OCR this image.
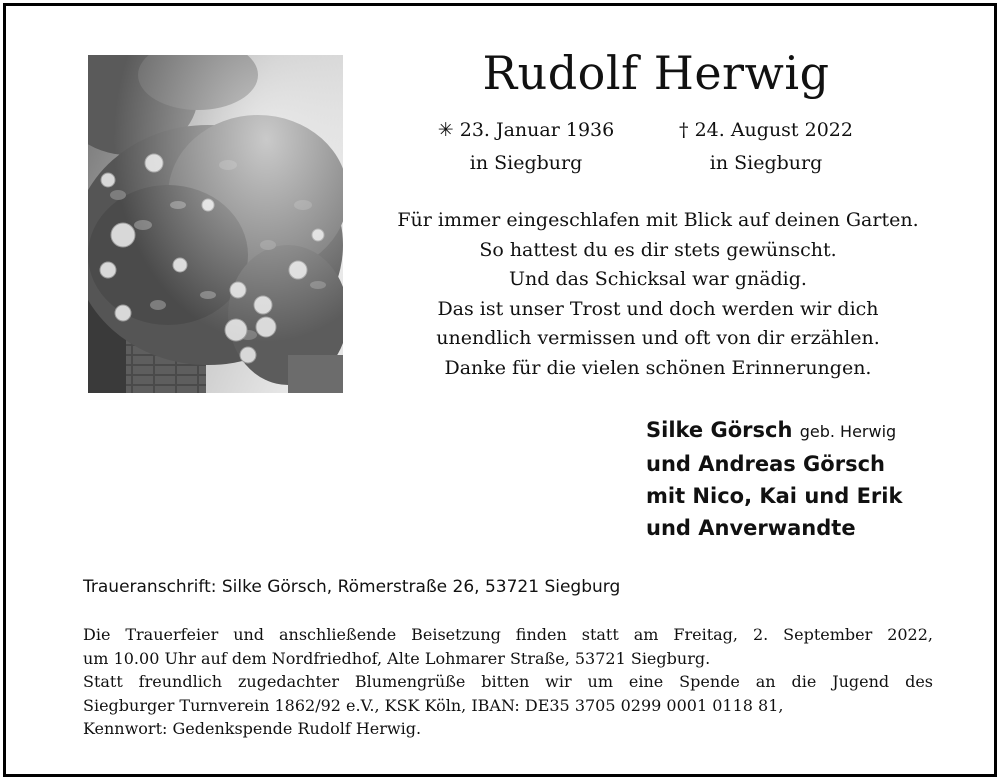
Rudolf Herwig
✳ 23. Januar 1936
in Siegburg
† 24. August 2022
in Siegburg
Für immer eingeschlafen mit Blick auf deinen Garten.
So hattest du es dir stets gewünscht.
Und das Schicksal war gnädig.
Das ist unser Trost und doch werden wir dich
unendlich vermissen und oft von dir erzählen.
Danke für die vielen schönen Erinnerungen.
Silke Görsch geb. Herwig
und Andreas Görsch
mit Nico, Kai und Erik
und Anverwandte
Traueranschrift: Silke Görsch, Römerstraße 26, 53721 Siegburg
Die Trauerfeier und anschließende Beisetzung finden statt am Freitag, 2. September 2022,
um 10.00 Uhr auf dem Nordfriedhof, Alte Lohmarer Straße, 53721 Siegburg.
Statt freundlich zugedachter Blumengrüße bitten wir um eine Spende an die Jugend des
Siegburger Turnverein 1862/92 e.V., KSK Köln, IBAN: DE35 3705 0299 0001 0118 81,
Kennwort: Gedenkspende Rudolf Herwig.
